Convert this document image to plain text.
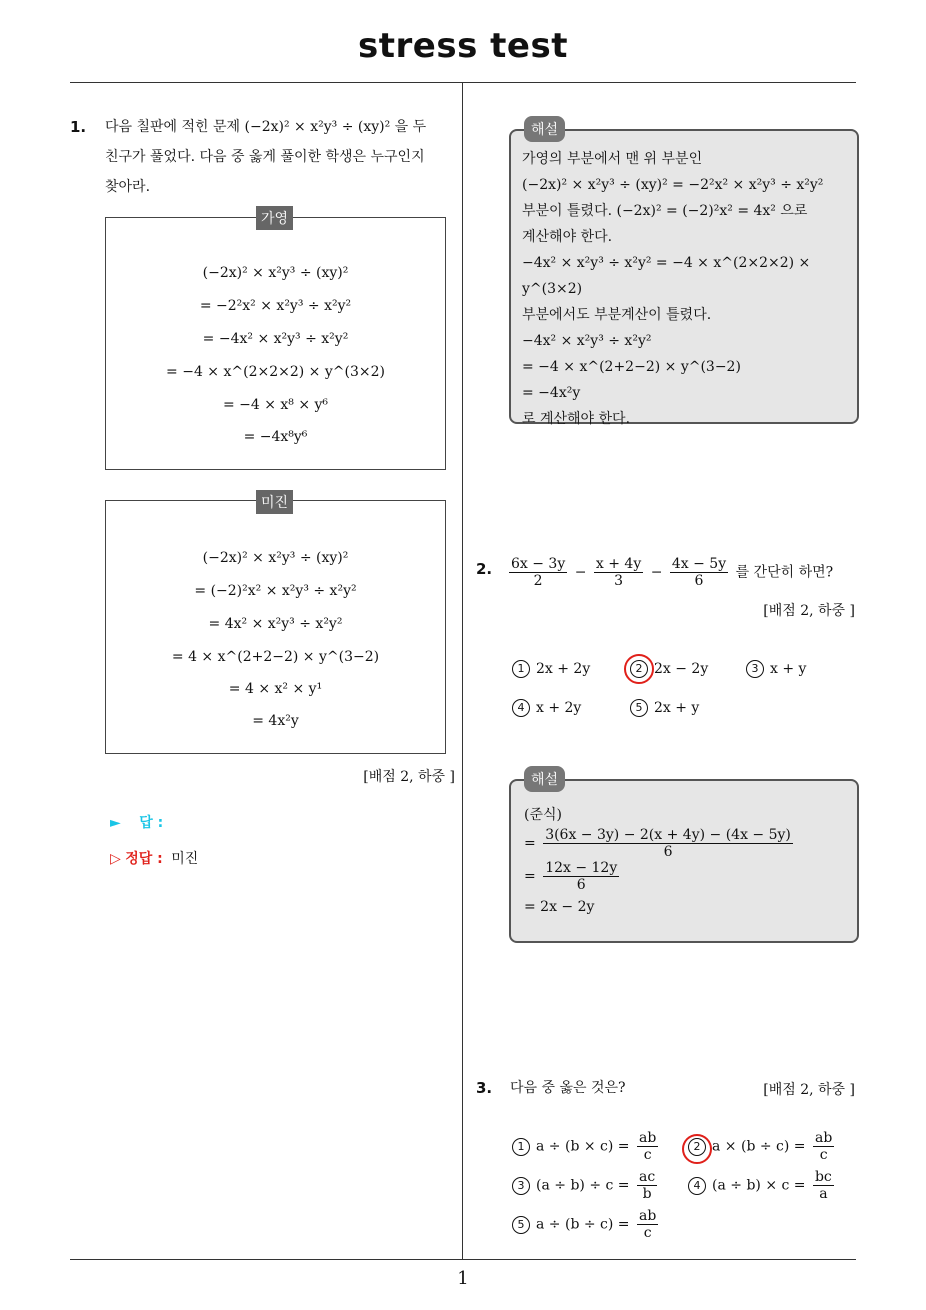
stress test
1
1. 다음 칠판에 적힌 문제 (−2x)² × x²y³ ÷ (xy)² 을 두
친구가 풀었다. 다음 중 옳게 풀이한 학생은 누구인지
찾아라.
가영
(−2x)² × x²y³ ÷ (xy)²
= −2²x² × x²y³ ÷ x²y²
= −4x² × x²y³ ÷ x²y²
= −4 × x^(2×2×2) × y^(3×2)
= −4 × x⁸ × y⁶
= −4x⁸y⁶
미진
(−2x)² × x²y³ ÷ (xy)²
= (−2)²x² × x²y³ ÷ x²y²
= 4x² × x²y³ ÷ x²y²
= 4 × x^(2+2−2) × y^(3−2)
= 4 × x² × y¹
= 4x²y
[배점 2, 하중 ]
► 답 :
▷ 정답 : 미진
해설
가영의 부분에서 맨 위 부분인
(−2x)² × x²y³ ÷ (xy)² = −2²x² × x²y³ ÷ x²y²
부분이 틀렸다. (−2x)² = (−2)²x² = 4x² 으로
계산해야 한다.
−4x² × x²y³ ÷ x²y² = −4 × x^(2×2×2) × y^(3×2)
부분에서도 부분계산이 틀렸다.
−4x² × x²y³ ÷ x²y²
= −4 × x^(2+2−2) × y^(3−2)
= −4x²y
로 계산해야 한다.
2. $\frac{6x - 3y}{2} - \frac{x + 4y}{3} - \frac{4x - 5y}{6}$ 를 간단히 하면?
[배점 2, 하중 ]
1 2x + 2y	2 2x − 2y	3 x + y
4 x + 2y	5 2x + y
해설
(준식)
= $\frac{3(6x - 3y) - 2(x + 4y) - (4x - 5y)}{6}$
= $\frac{12x - 12y}{6}$
= 2x − 2y
3. 다음 중 옳은 것은?	[배점 2, 하중 ]
1 $a \div (b \times c) = \frac{ab}{c}$	2 $a \times (b \div c) = \frac{ab}{c}$
3 $(a \div b) \div c = \frac{ac}{b}$	4 $(a \div b) \times c = \frac{bc}{a}$
5 $a \div (b \div c) = \frac{ab}{c}$
